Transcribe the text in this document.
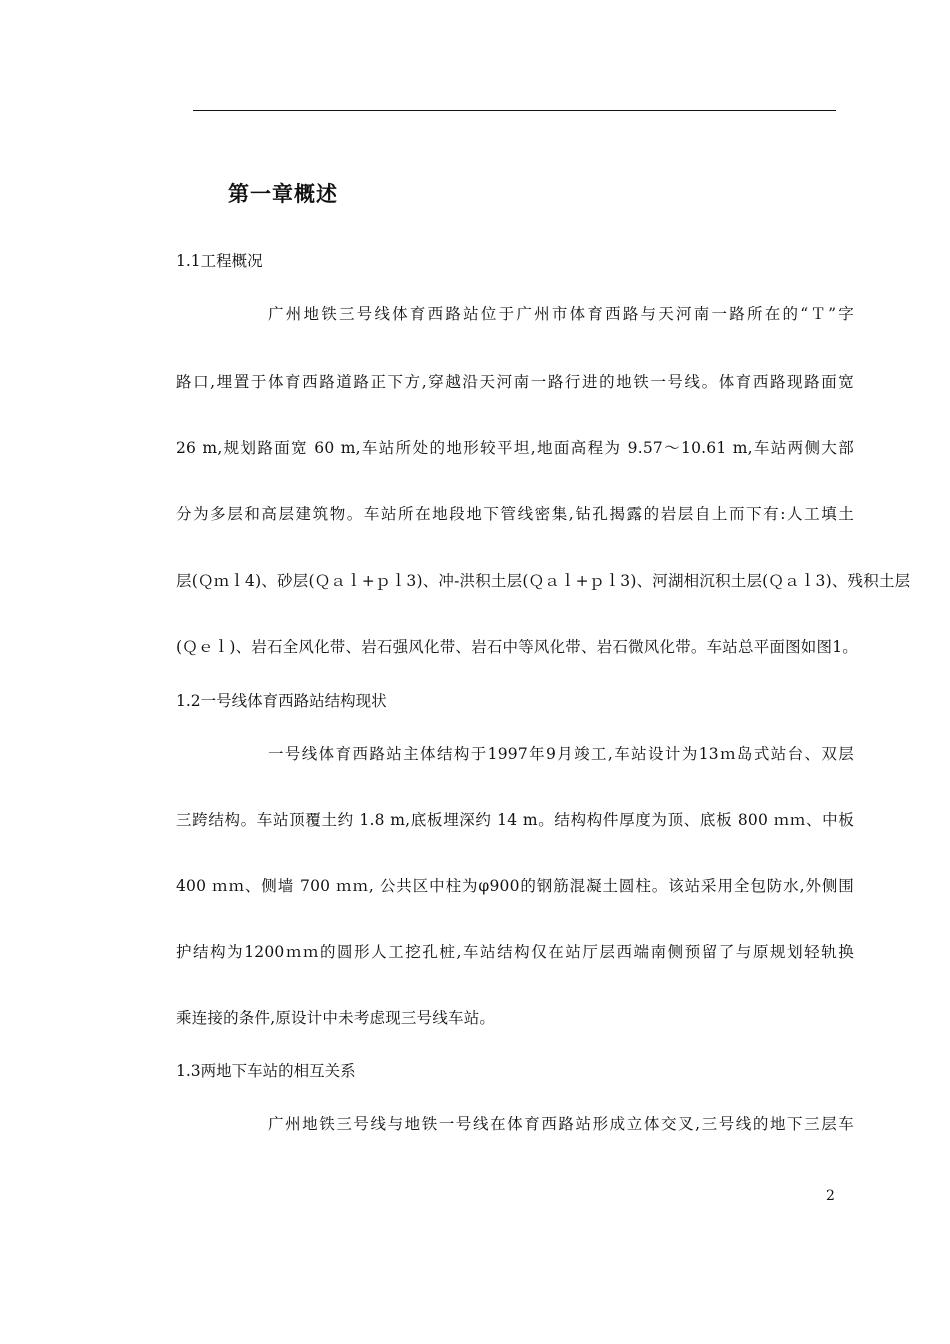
第一章概述
1.1工程概况
广州地铁三号线体育西路站位于广州市体育西路与天河南一路所在的“Ｔ”字
路口,埋置于体育西路道路正下方,穿越沿天河南一路行进的地铁一号线。体育西路现路面宽
26 m,规划路面宽 60 m,车站所处的地形较平坦,地面高程为 9.57～10.61 m,车站两侧大部
分为多层和高层建筑物。车站所在地段地下管线密集,钻孔揭露的岩层自上而下有:人工填土
层(Ｑｍｌ4)、砂层(Ｑａｌ+ｐｌ3)、冲-洪积土层(Ｑａｌ+ｐｌ3)、河湖相沉积土层(Ｑａｌ3)、残积土层
(Ｑｅｌ)、岩石全风化带、岩石强风化带、岩石中等风化带、岩石微风化带。车站总平面图如图1。
1.2一号线体育西路站结构现状
一号线体育西路站主体结构于1997年9月竣工,车站设计为13ｍ岛式站台、双层
三跨结构。车站顶覆土约 1.8 m,底板埋深约 14 m。结构构件厚度为顶、底板 800 ｍｍ、中板
400 ｍｍ、侧墙 700 ｍｍ, 公共区中柱为φ900的钢筋混凝土圆柱。该站采用全包防水,外侧围
护结构为1200ｍｍ的圆形人工挖孔桩,车站结构仅在站厅层西端南侧预留了与原规划轻轨换
乘连接的条件,原设计中未考虑现三号线车站。
1.3两地下车站的相互关系
广州地铁三号线与地铁一号线在体育西路站形成立体交叉,三号线的地下三层车
2
